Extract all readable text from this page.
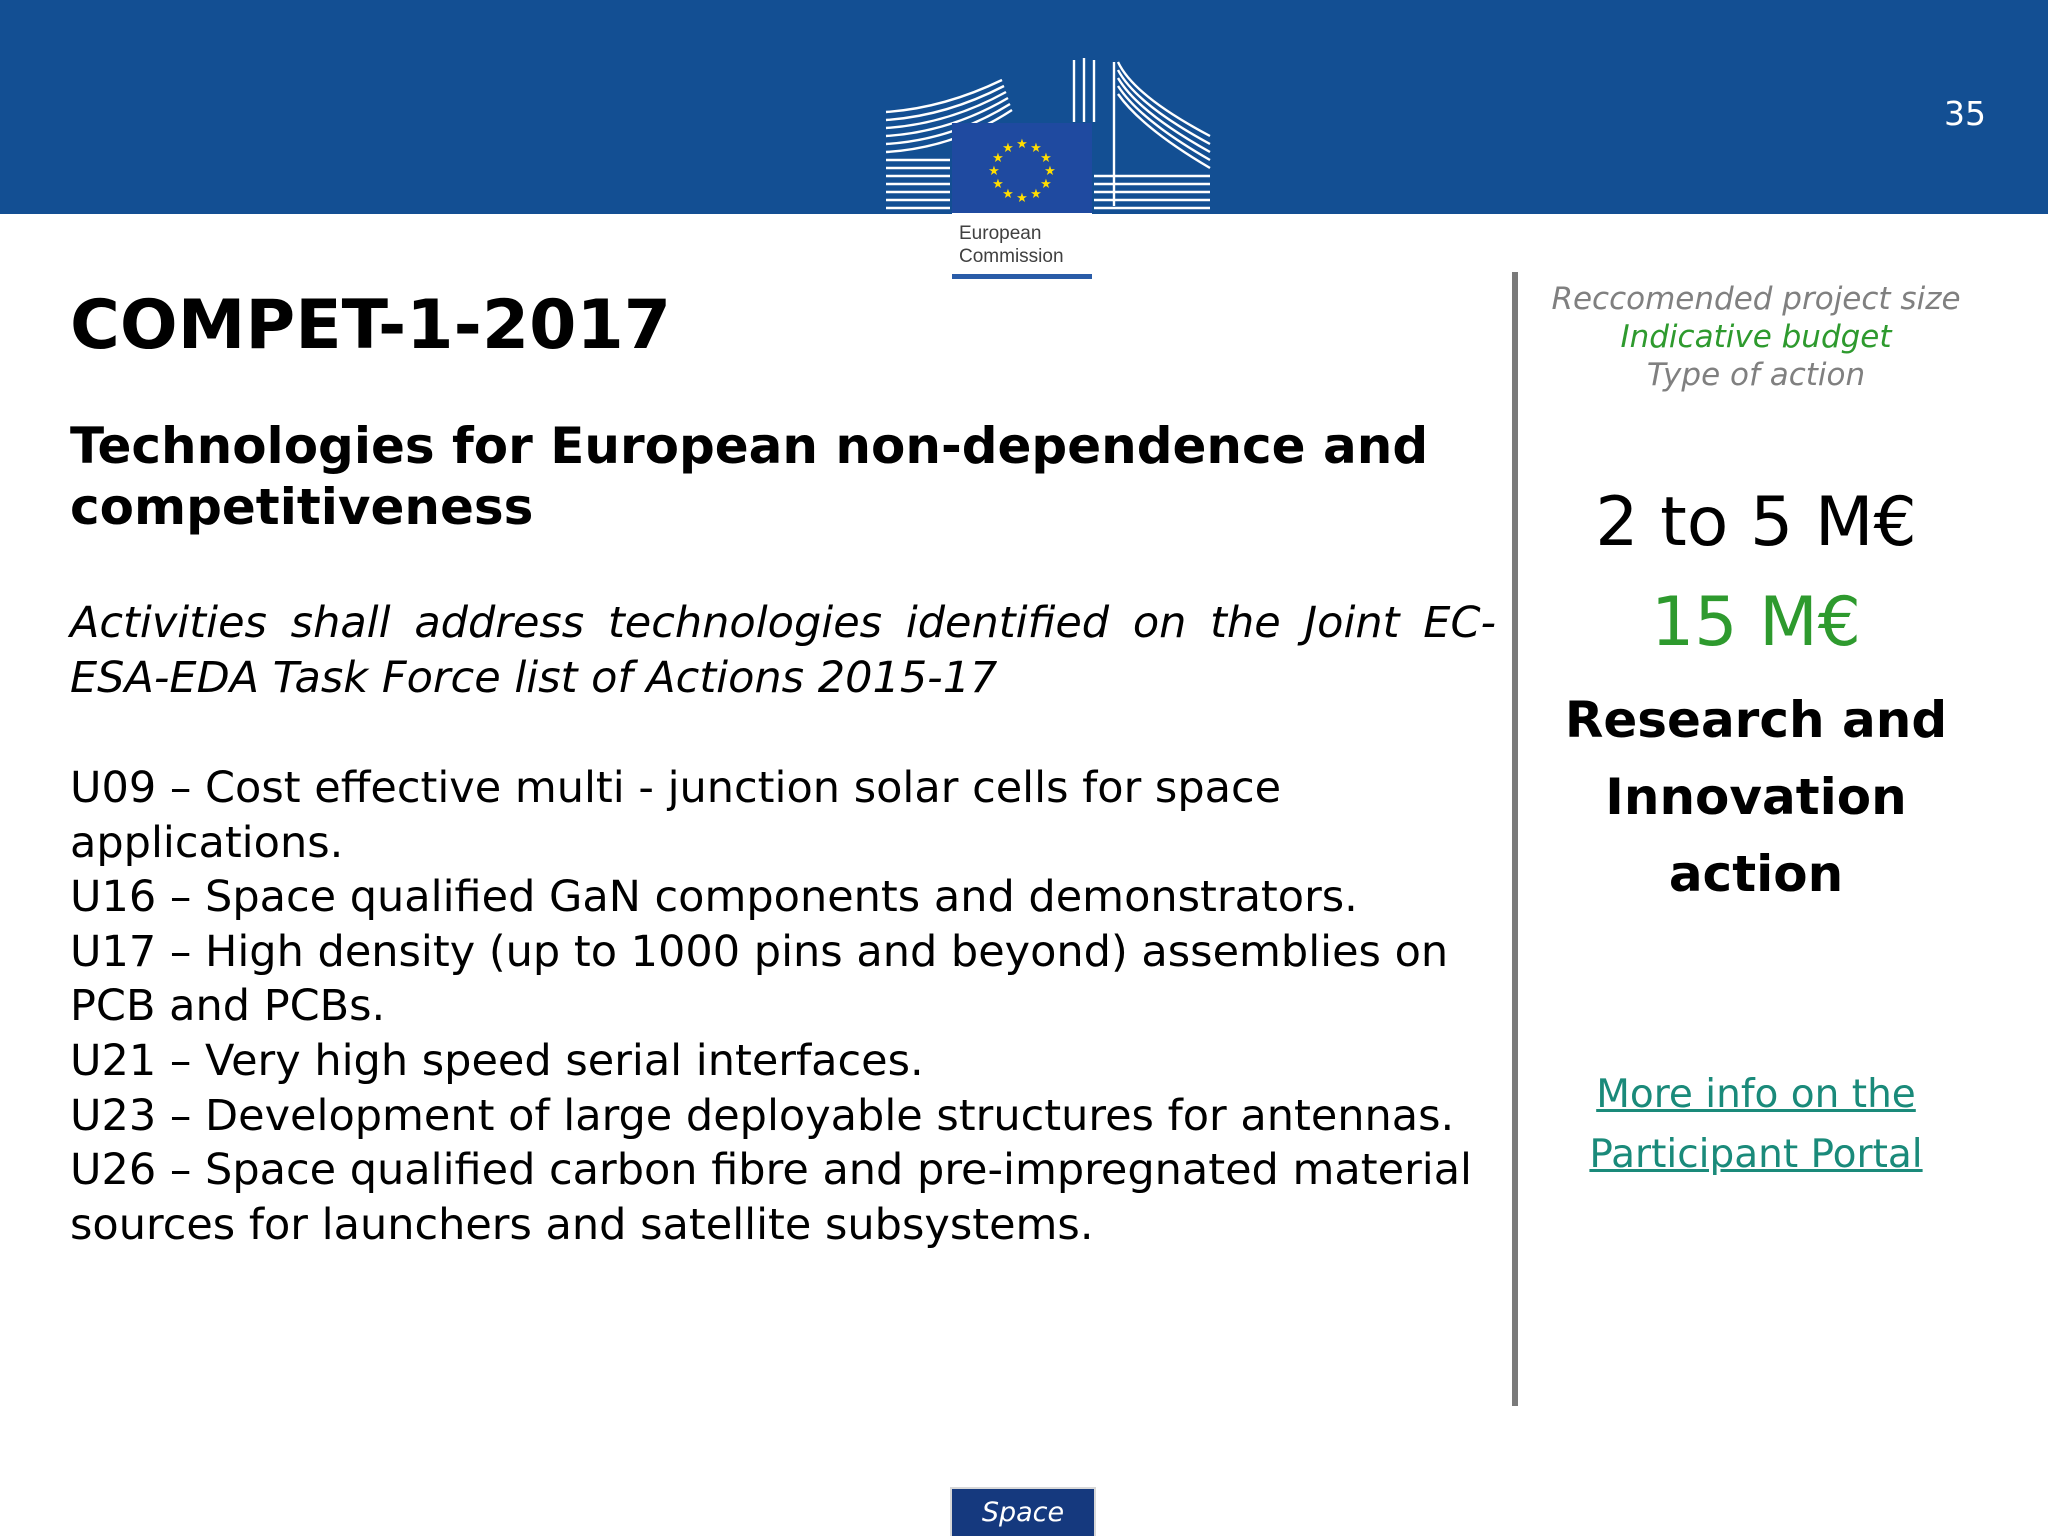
35
★ ★
★
★
★
★
★
★
★
★
★
★
European
Commission
COMPET-1-2017
Technologies for European non-dependence and competitiveness

Activities shall address technologies identified on the Joint EC-ESA-EDA Task Force list of Actions 2015-17

U09 – Cost effective multi - junction solar cells for space applications.
U16 – Space qualified GaN components and demonstrators.
U17 – High density (up to 1000 pins and beyond) assemblies on PCB and PCBs.
U21 – Very high speed serial interfaces.
U23 – Development of large deployable structures for antennas.
U26 – Space qualified carbon fibre and pre-impregnated material sources for launchers and satellite subsystems.
Reccomended project size
Indicative budget
Type of action
2 to 5 M€
15 M€
Research and
Innovation
action
More info on the
Participant Portal
Space
